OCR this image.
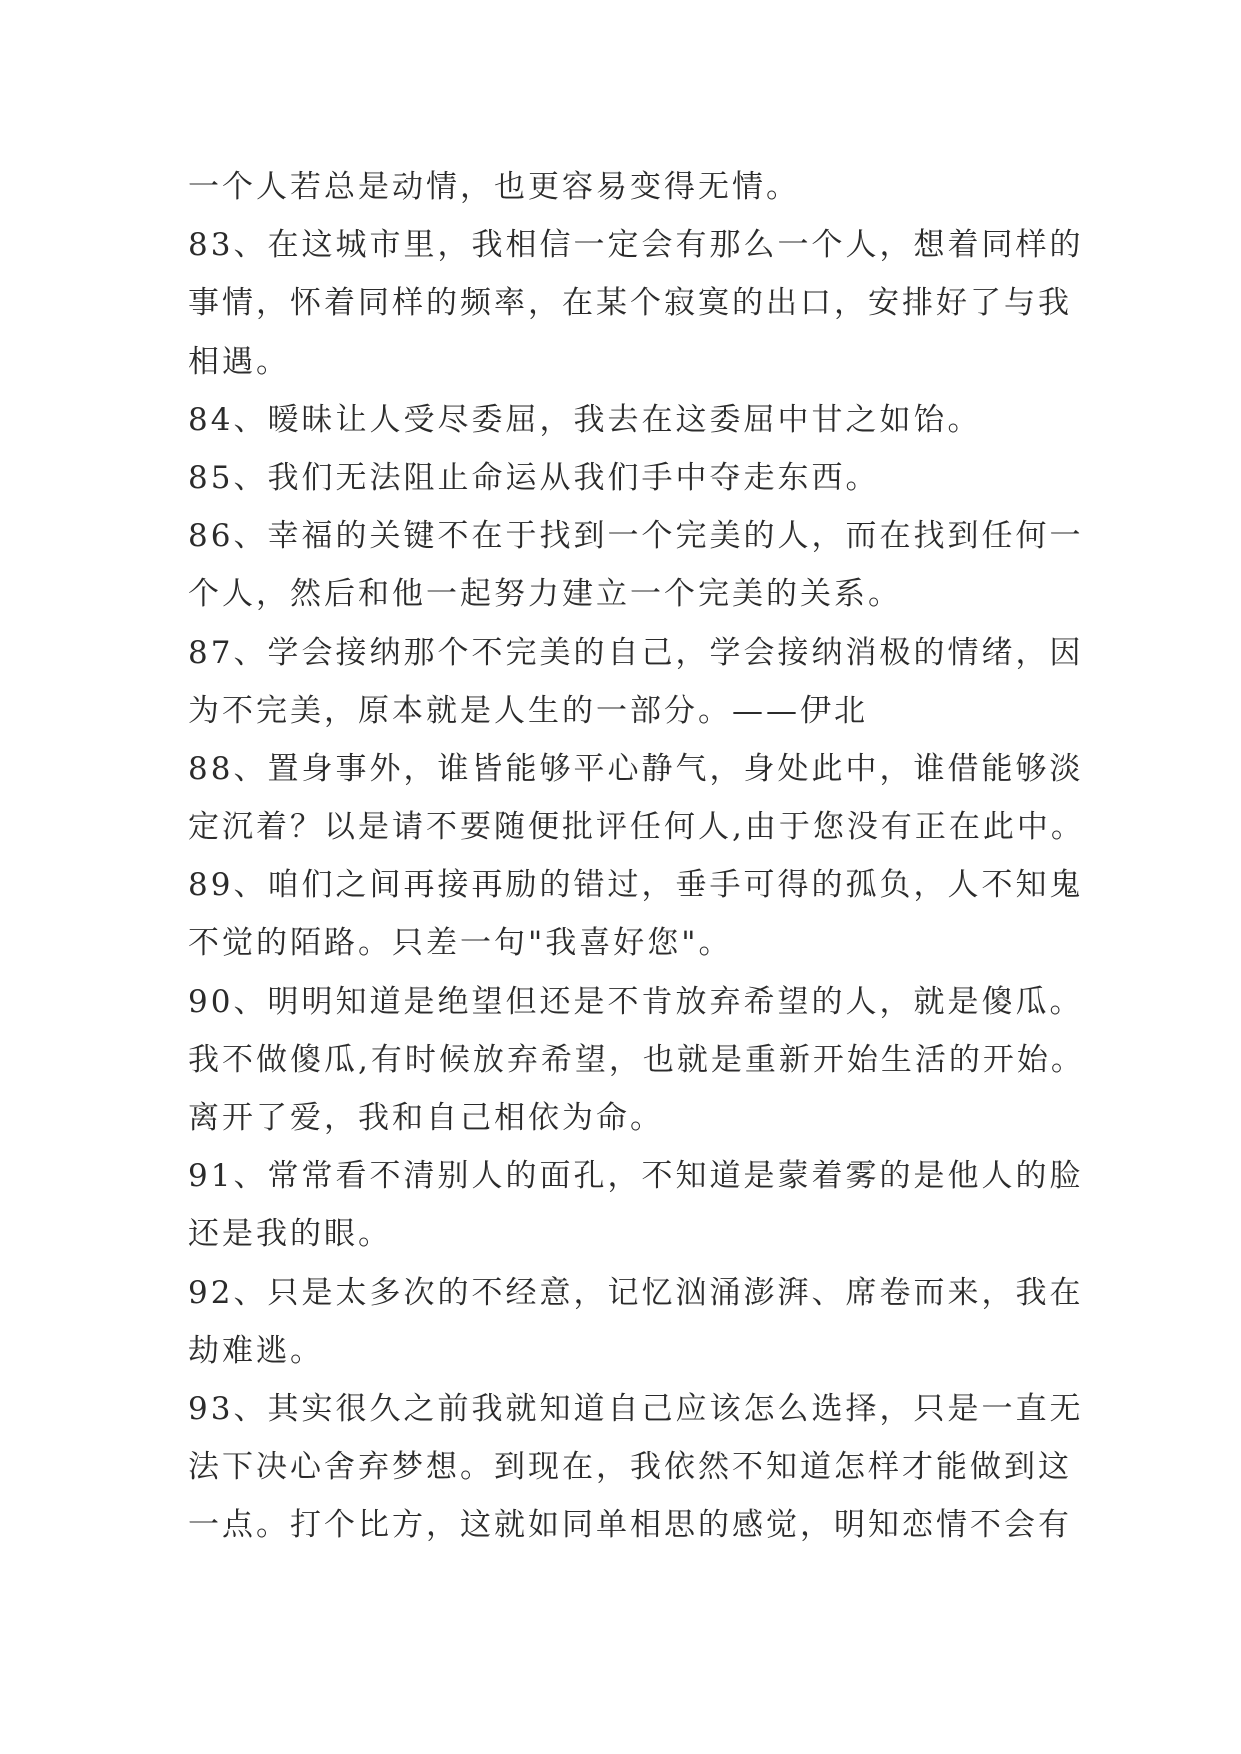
一个人若总是动情，也更容易变得无情。
83、在这城市里，我相信一定会有那么一个人，想着同样的
事情，怀着同样的频率，在某个寂寞的出口，安排好了与我
相遇。
84、暧昧让人受尽委屈，我去在这委屈中甘之如饴。
85、我们无法阻止命运从我们手中夺走东西。
86、幸福的关键不在于找到一个完美的人，而在找到任何一
个人，然后和他一起努力建立一个完美的关系。
87、学会接纳那个不完美的自己，学会接纳消极的情绪，因
为不完美，原本就是人生的一部分。——伊北
88、置身事外，谁皆能够平心静气，身处此中，谁借能够淡
定沉着？以是请不要随便批评任何人,由于您没有正在此中。
89、咱们之间再接再励的错过，垂手可得的孤负，人不知鬼
不觉的陌路。只差一句"我喜好您"。
90、明明知道是绝望但还是不肯放弃希望的人，就是傻瓜。
我不做傻瓜,有时候放弃希望，也就是重新开始生活的开始。
离开了爱，我和自己相依为命。
91、常常看不清别人的面孔，不知道是蒙着雾的是他人的脸
还是我的眼。
92、只是太多次的不经意，记忆汹涌澎湃、席卷而来，我在
劫难逃。
93、其实很久之前我就知道自己应该怎么选择，只是一直无
法下决心舍弃梦想。到现在，我依然不知道怎样才能做到这
一点。打个比方，这就如同单相思的感觉，明知恋情不会有
